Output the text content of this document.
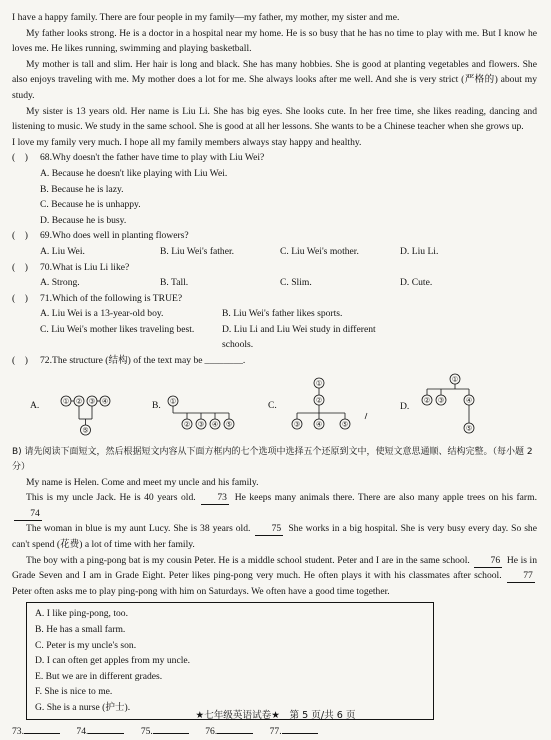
I have a happy family. There are four people in my family—my father, my mother, my sister and me.

My father looks strong. He is a doctor in a hospital near my home. He is so busy that he has no time to play with me. But I know he loves me. He likes running, swimming and playing basketball.

My mother is tall and slim. Her hair is long and black. She has many hobbies. She is good at planting vegetables and flowers. She also enjoys traveling with me. My mother does a lot for me. She always looks after me well. And she is very strict (严格的) about my study.

My sister is 13 years old. Her name is Liu Li. She has big eyes. She looks cute. In her free time, she likes reading, dancing and listening to music. We study in the same school. She is good at all her lessons. She wants to be a Chinese teacher when she grows up.

I love my family very much. I hope all my family members always stay happy and healthy.

(    )	68. Why doesn't the father have time to play with Liu Wei?
A. Because he doesn't like playing with Liu Wei.
B. Because he is lazy.
C. Because he is unhappy.
D. Because he is busy.
(    )	69. Who does well in planting flowers?
A. Liu Wei.	B. Liu Wei's father.	C. Liu Wei's mother.	D. Liu Li.
(    )	70. What is Liu Li like?
A. Strong.	B. Tall.	C. Slim.	D. Cute.
(    )	71. Which of the following is TRUE?
A. Liu Wei is a 13-year-old boy.	B. Liu Wei's father likes sports.
C. Liu Wei's mother likes traveling best.	D. Liu Li and Liu Wei study in different schools.
(    )	72. The structure (结构) of the text may be ________.
A.	① ② ③ ④
⑤
B. ①
② ③ ④ ⑤
C.
①
②
③ ④	⑤
D.
①
② ③	④
⑤

B) 请先阅读下面短文，然后根据短文内容从下面方框内的七个选项中选择五个还原到文中，使短文意思通顺、结构完整。（每小题 2 分）

My name is Helen. Come and meet my uncle and his family.

This is my uncle Jack. He is 40 years old. 73 He keeps many animals there. There are also many apple trees on his farm. 74

The woman in blue is my aunt Lucy. She is 38 years old. 75 She works in a big hospital. She is very busy every day. So she can't spend (花费) a lot of time with her family.

The boy with a ping-pong bat is my cousin Peter. He is a middle school student. Peter and I are in the same school. 76 He is in Grade Seven and I am in Grade Eight. Peter likes ping-pong very much. He often plays it with his classmates after school. 77 Peter often asks me to play ping-pong with him on Saturdays. We often have a good time together.

A. I like ping-pong, too.
B. He has a small farm.
C. Peter is my uncle's son.
D. I can often get apples from my uncle.
E. But we are in different grades.
F. She is nice to me.
G. She is a nurse (护士).
73.	74.	75.	76.	77.
★七年级英语试卷★　第 5 页/共 6 页
